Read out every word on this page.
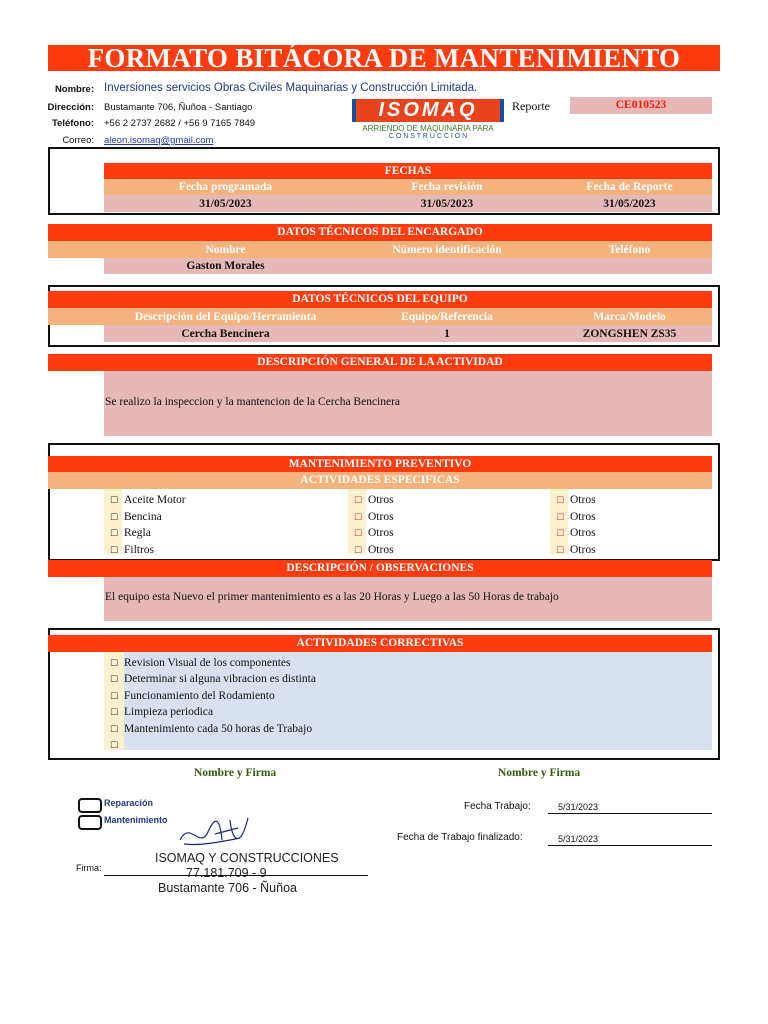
FORMATO BITÁCORA DE MANTENIMIENTO
Nombre: Inversiones servicios Obras Civiles Maquinarias y Construcción Limitada.
Dirección: Bustamante 706, Ñuñoa - Santiago
Teléfono: +56 2 2737 2682 / +56 9 7165 7849
Correo: aleon.isomaq@gmail.com
ISOMAQ
ARRIENDO DE MAQUINARIA PARA
C O N S T R U C C I Ó N
Reporte	CE010523
FECHAS
Fecha programada	Fecha revisión	Fecha de Reporte
31/05/2023	31/05/2023	31/05/2023
DATOS TÉCNICOS DEL ENCARGADO
Nombre	Número identificación	Teléfono
Gaston Morales
DATOS TÉCNICOS DEL EQUIPO
Descripción del Equipo/Herramienta	Equipo/Referencia	Marca/Modelo
Cercha Bencinera	1	ZONGSHEN ZS35
DESCRIPCIÓN GENERAL DE LA ACTIVIDAD
Se realizo la inspeccion y la mantencion de la Cercha Bencinera
MANTENIMIENTO PREVENTIVO
ACTIVIDADES ESPECIFICAS
☐ Aceite Motor
☐ Bencina
☐ Regla
☐ Filtros
☐ Otros
☐ Otros
☐ Otros
☐ Otros
☐ Otros
☐ Otros
☐ Otros
☐ Otros
DESCRIPCIÓN / OBSERVACIONES
El equipo esta Nuevo el primer mantenimiento es a las 20 Horas y Luego a las 50 Horas de trabajo
ACTIVIDADES CORRECTIVAS
☐ Revision Visual de los componentes
☐ Determinar si alguna vibracion es distinta
☐ Funcionamiento del Rodamiento
☐ Limpieza periodica
☐ Mantenimiento cada 50 horas de Trabajo
☐
Nombre y Firma	Nombre y Firma
Reparación
Mantenimiento
ISOMAQ Y CONSTRUCCIONES
77.181.709 - 9
Bustamante 706 - Ñuñoa
Firma:
Fecha Trabajo:	5/31/2023
Fecha de Trabajo finalizado:	5/31/2023
